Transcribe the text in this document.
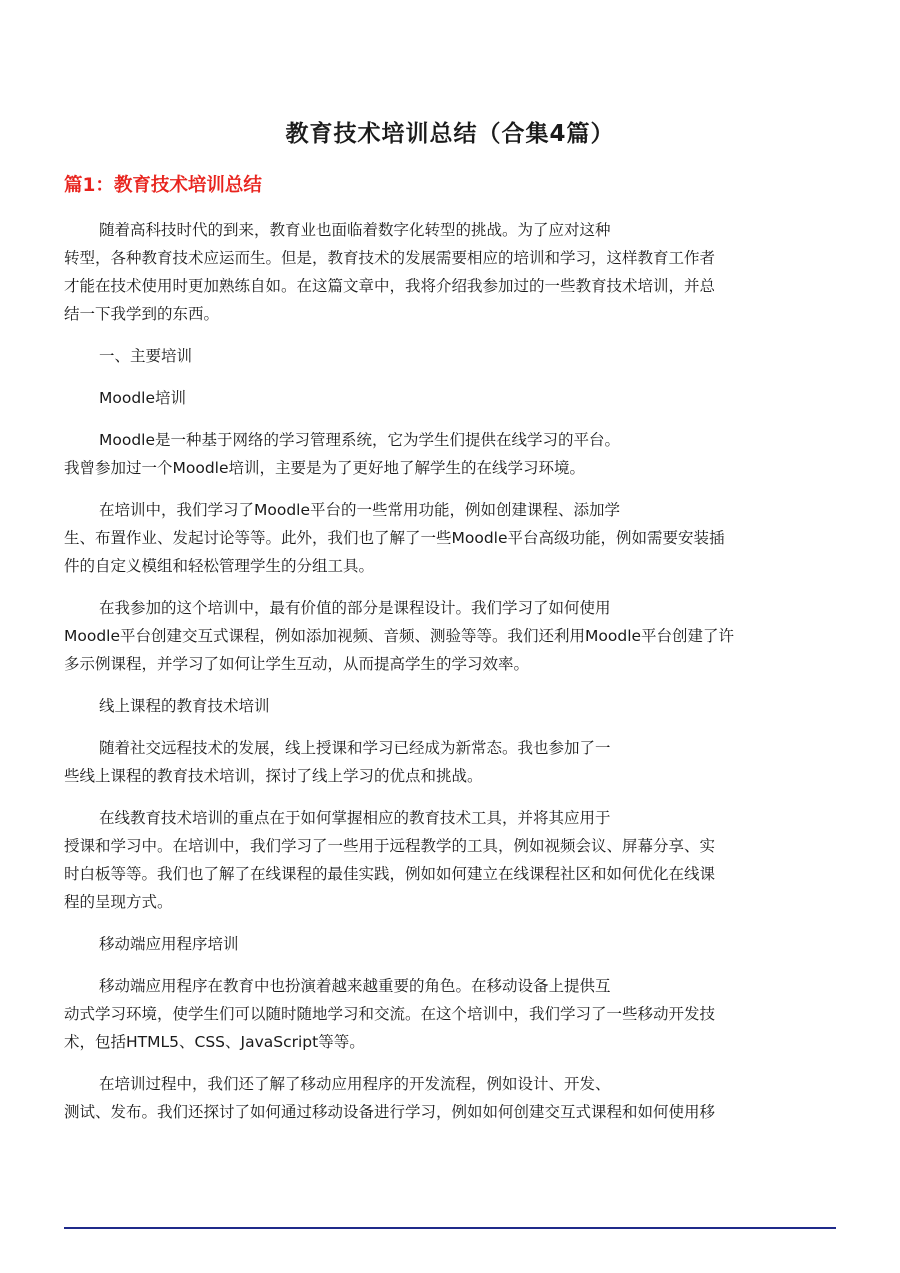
教育技术培训总结（合集4篇）
篇1：教育技术培训总结
随着高科技时代的到来，教育业也面临着数字化转型的挑战。为了应对这种
转型，各种教育技术应运而生。但是，教育技术的发展需要相应的培训和学习，这样教育工作者
才能在技术使用时更加熟练自如。在这篇文章中，我将介绍我参加过的一些教育技术培训，并总
结一下我学到的东西。
一、主要培训
Moodle培训
Moodle是一种基于网络的学习管理系统，它为学生们提供在线学习的平台。
我曾参加过一个Moodle培训，主要是为了更好地了解学生的在线学习环境。
在培训中，我们学习了Moodle平台的一些常用功能，例如创建课程、添加学
生、布置作业、发起讨论等等。此外，我们也了解了一些Moodle平台高级功能，例如需要安装插
件的自定义模组和轻松管理学生的分组工具。
在我参加的这个培训中，最有价值的部分是课程设计。我们学习了如何使用
Moodle平台创建交互式课程，例如添加视频、音频、测验等等。我们还利用Moodle平台创建了许
多示例课程，并学习了如何让学生互动，从而提高学生的学习效率。
线上课程的教育技术培训
随着社交远程技术的发展，线上授课和学习已经成为新常态。我也参加了一
些线上课程的教育技术培训，探讨了线上学习的优点和挑战。
在线教育技术培训的重点在于如何掌握相应的教育技术工具，并将其应用于
授课和学习中。在培训中，我们学习了一些用于远程教学的工具，例如视频会议、屏幕分享、实
时白板等等。我们也了解了在线课程的最佳实践，例如如何建立在线课程社区和如何优化在线课
程的呈现方式。
移动端应用程序培训
移动端应用程序在教育中也扮演着越来越重要的角色。在移动设备上提供互
动式学习环境，使学生们可以随时随地学习和交流。在这个培训中，我们学习了一些移动开发技
术，包括HTML5、CSS、JavaScript等等。
在培训过程中，我们还了解了移动应用程序的开发流程，例如设计、开发、
测试、发布。我们还探讨了如何通过移动设备进行学习，例如如何创建交互式课程和如何使用移
